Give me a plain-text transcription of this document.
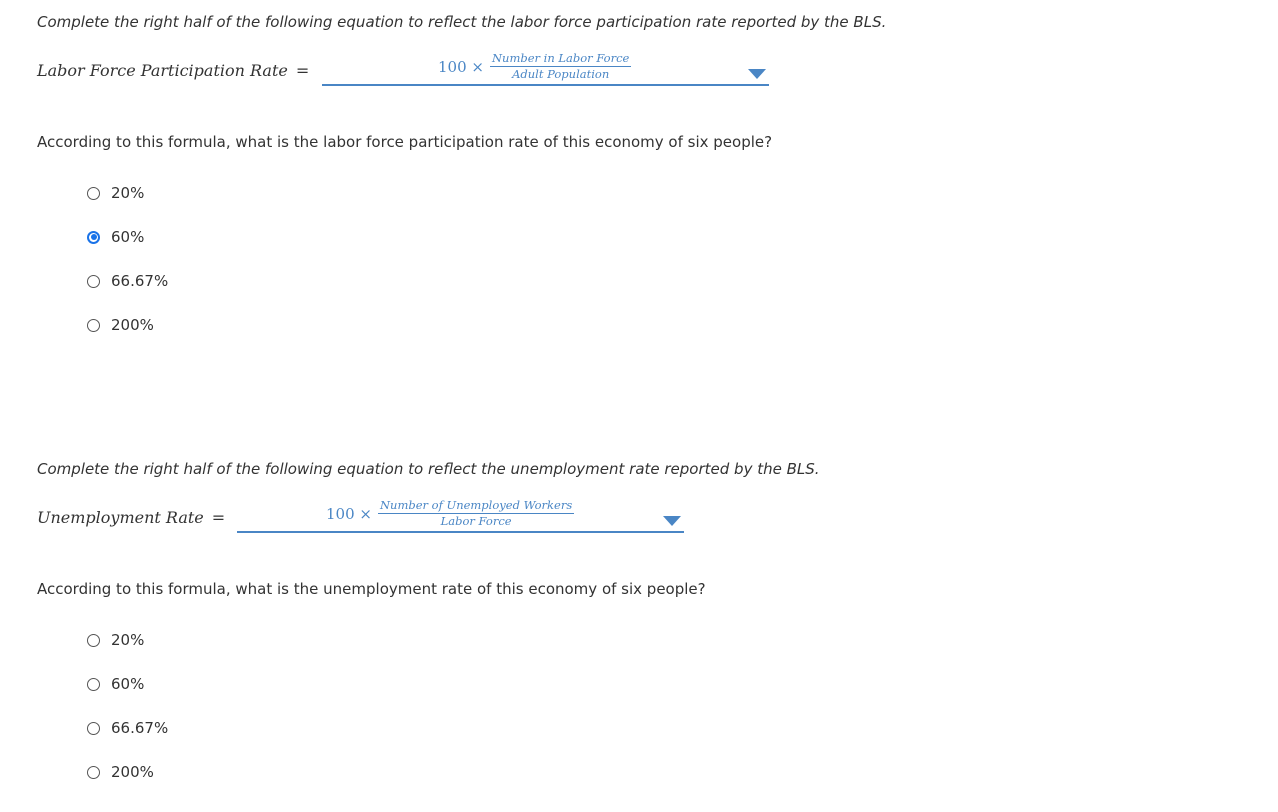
Complete the right half of the following equation to reflect the labor force participation rate reported by the BLS.
Labor Force Participation Rate =	$100 \times \frac{\text{Number in Labor Force}}{\text{Adult Population}}$
According to this formula, what is the labor force participation rate of this economy of six people?
20%
60%
66.67%
200%
Complete the right half of the following equation to reflect the unemployment rate reported by the BLS.
Unemployment Rate =	$100 \times \frac{\text{Number of Unemployed Workers}}{\text{Labor Force}}$
According to this formula, what is the unemployment rate of this economy of six people?
20%
60%
66.67%
200%
